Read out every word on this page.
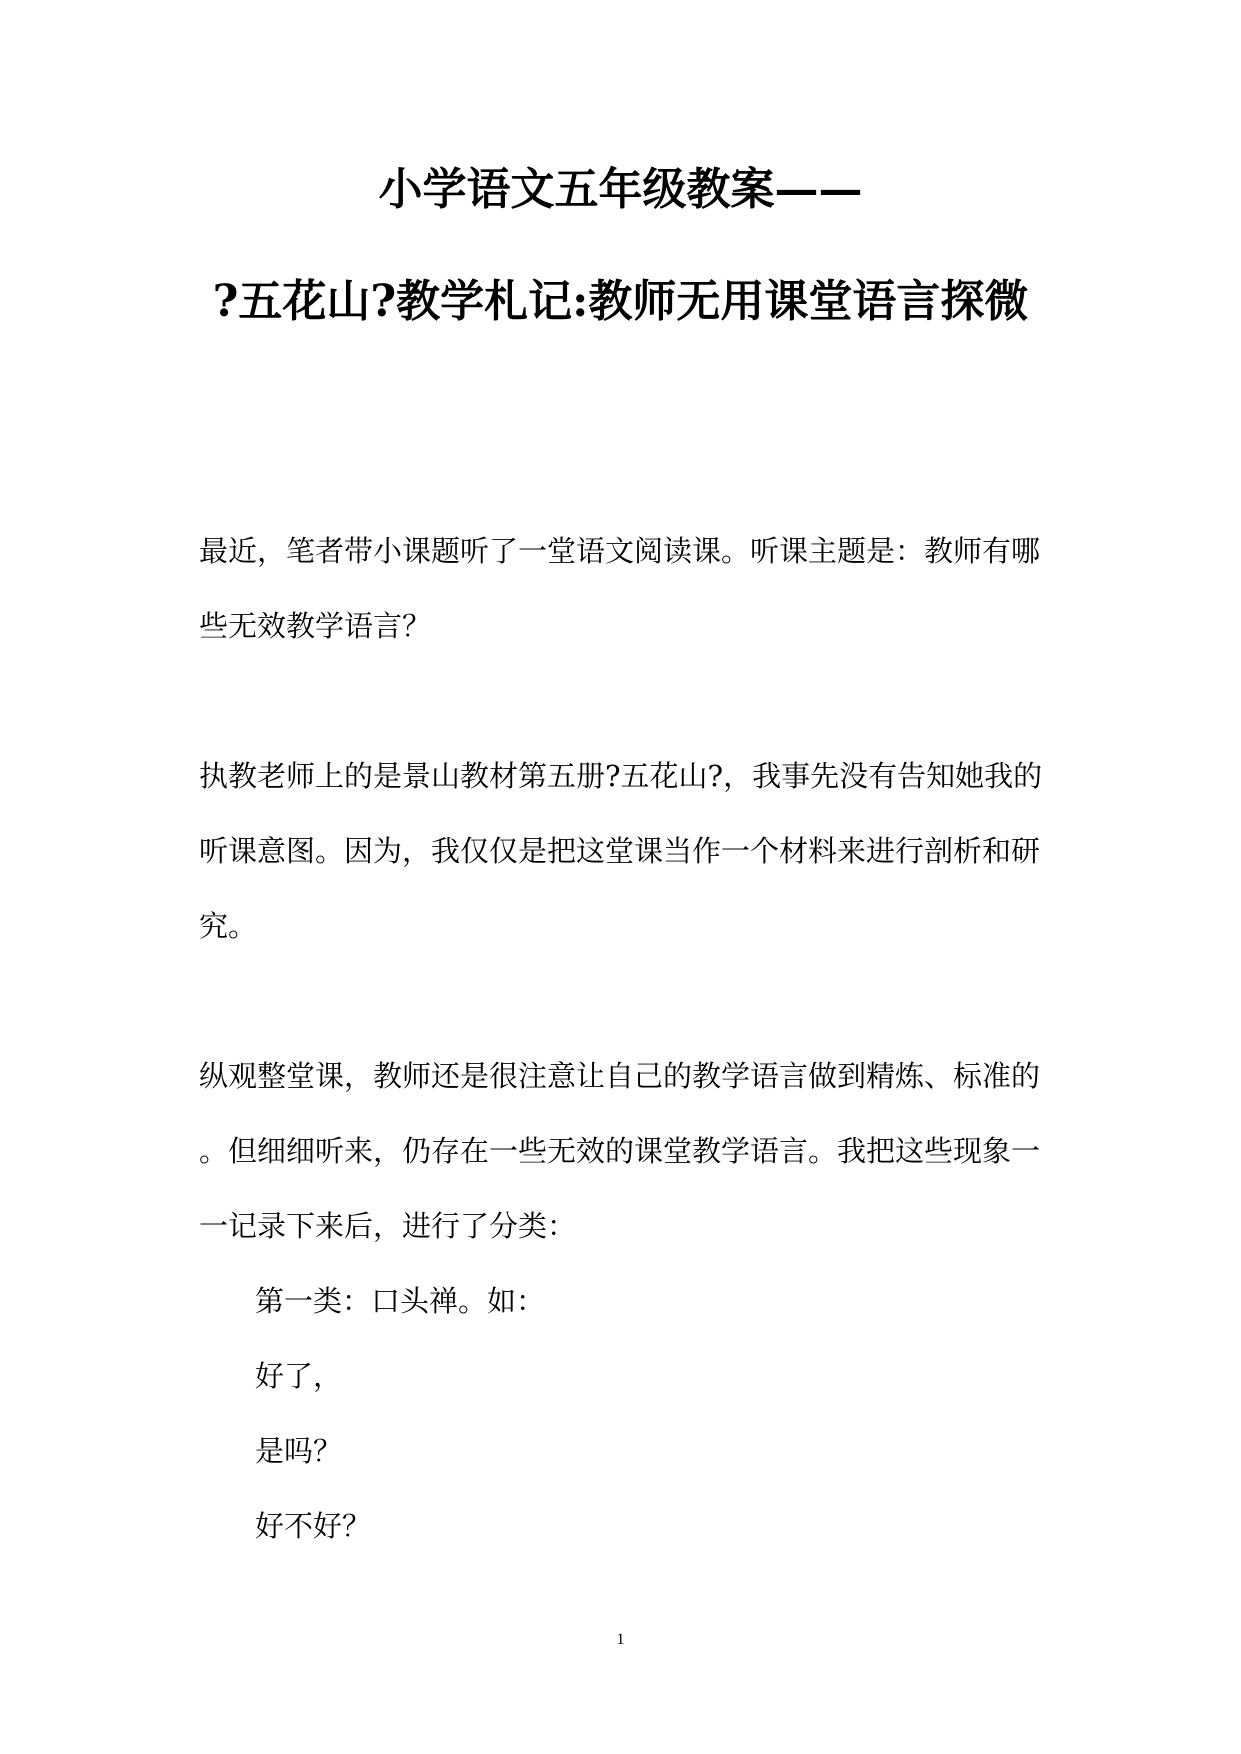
小学语文五年级教案——
?五花山?教学札记:教师无用课堂语言探微
最近，笔者带小课题听了一堂语文阅读课。听课主题是：教师有哪
些无效教学语言？
执教老师上的是景山教材第五册?五花山?，我事先没有告知她我的
听课意图。因为，我仅仅是把这堂课当作一个材料来进行剖析和研
究。
纵观整堂课，教师还是很注意让自己的教学语言做到精炼、标准的
。但细细听来，仍存在一些无效的课堂教学语言。我把这些现象一
一记录下来后，进行了分类：
第一类：口头禅。如：
好了，
是吗？
好不好？
1
